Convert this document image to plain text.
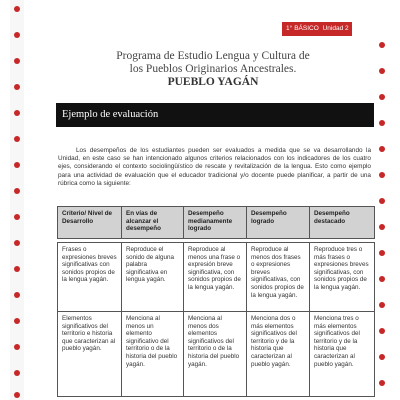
1° BÁSICO Unidad 2
Programa de Estudio Lengua y Cultura de
los Pueblos Originarios Ancestrales.
PUEBLO YAGÁN
Ejemplo de evaluación

Los desempeños de los estudiantes pueden ser evaluados a medida que se va desarrollando la Unidad, en este caso se han intencionado algunos criterios relacionados con los indicadores de los cuatro ejes, considerando el contexto sociolingüístico de rescate y revitalización de la lengua. Esto como ejemplo para una actividad de evaluación que el educador tradicional y/o docente puede planificar, a partir de una rúbrica como la siguiente:

Criterio/ Nivel de Desarrollo	En vías de alcanzar el desempeño	Desempeño medianamente logrado	Desempeño logrado	Desempeño destacado

Frases o expresiones breves significativas con sonidos propios de la lengua yagán.	Reproduce el sonido de alguna palabra significativa en lengua yagán.	Reproduce al menos una frase o expresión breve significativa, con sonidos propios de la lengua yagán.	Reproduce al menos dos frases o expresiones breves significativas, con sonidos propios de la lengua yagán.	Reproduce tres o más frases o expresiones breves significativas, con sonidos propios de la lengua yagán.
Elementos significativos del territorio e historia que caracterizan al pueblo yagán.	Menciona al menos un elemento significativo del territorio o de la historia del pueblo yagán.	Menciona al menos dos elementos significativos del territorio o de la historia del pueblo yagán.	Menciona dos o más elementos significativos del territorio y de la historia que caracterizan al pueblo yagán.	Menciona tres o más elementos significativos del territorio y de la historia que caracterizan al pueblo yagán.
